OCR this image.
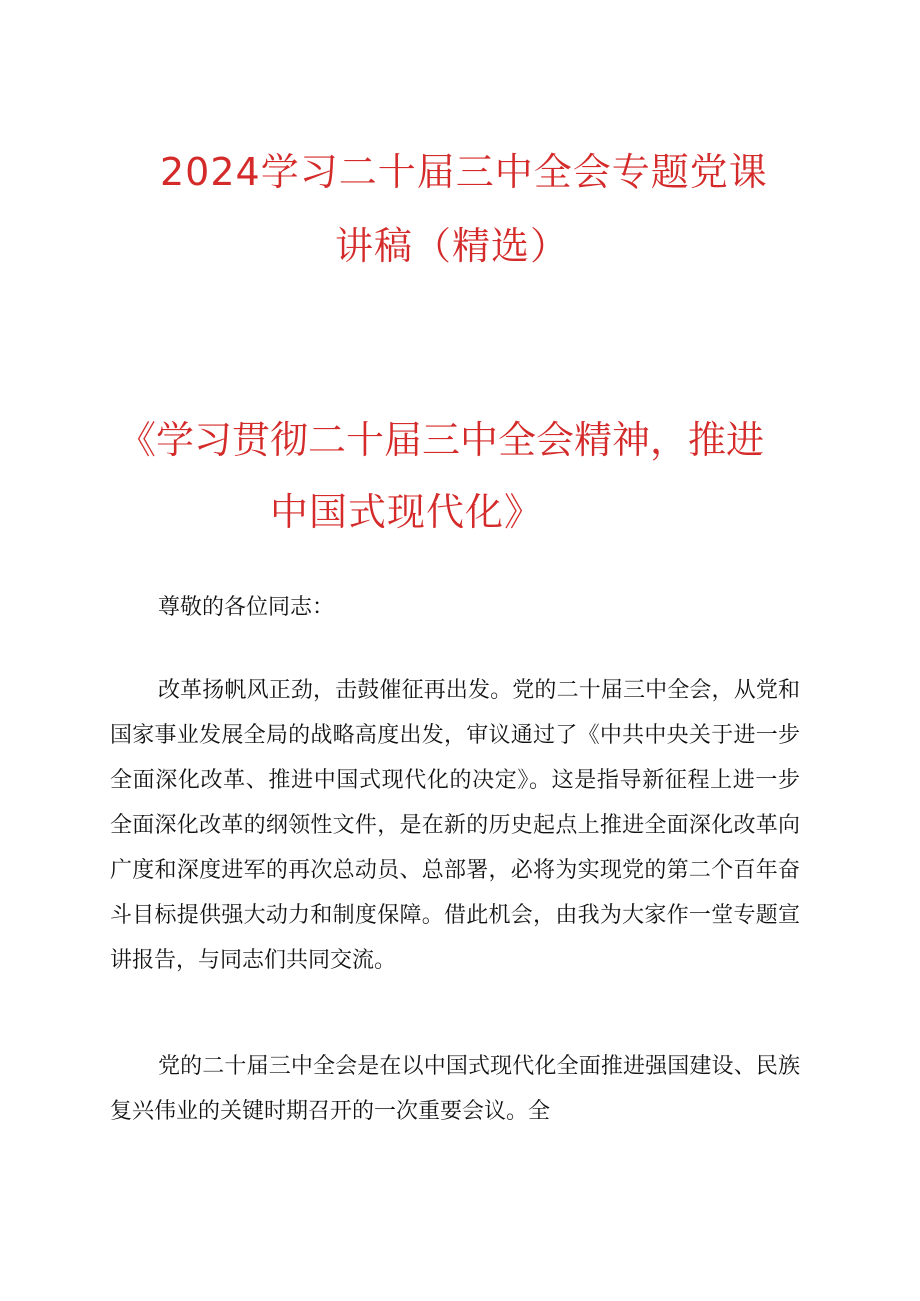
2024学习二十届三中全会专题党课
讲稿（精选）
《学习贯彻二十届三中全会精神，推进
中国式现代化》
尊敬的各位同志：

改革扬帆风正劲，击鼓催征再出发。党的二十届三中全会，从党和国家事业发展全局的战略高度出发，审议通过了《中共中央关于进一步全面深化改革、推进中国式现代化的决定》。这是指导新征程上进一步全面深化改革的纲领性文件，是在新的历史起点上推进全面深化改革向广度和深度进军的再次总动员、总部署，必将为实现党的第二个百年奋斗目标提供强大动力和制度保障。借此机会，由我为大家作一堂专题宣讲报告，与同志们共同交流。

党的二十届三中全会是在以中国式现代化全面推进强国建设、民族复兴伟业的关键时期召开的一次重要会议。全
